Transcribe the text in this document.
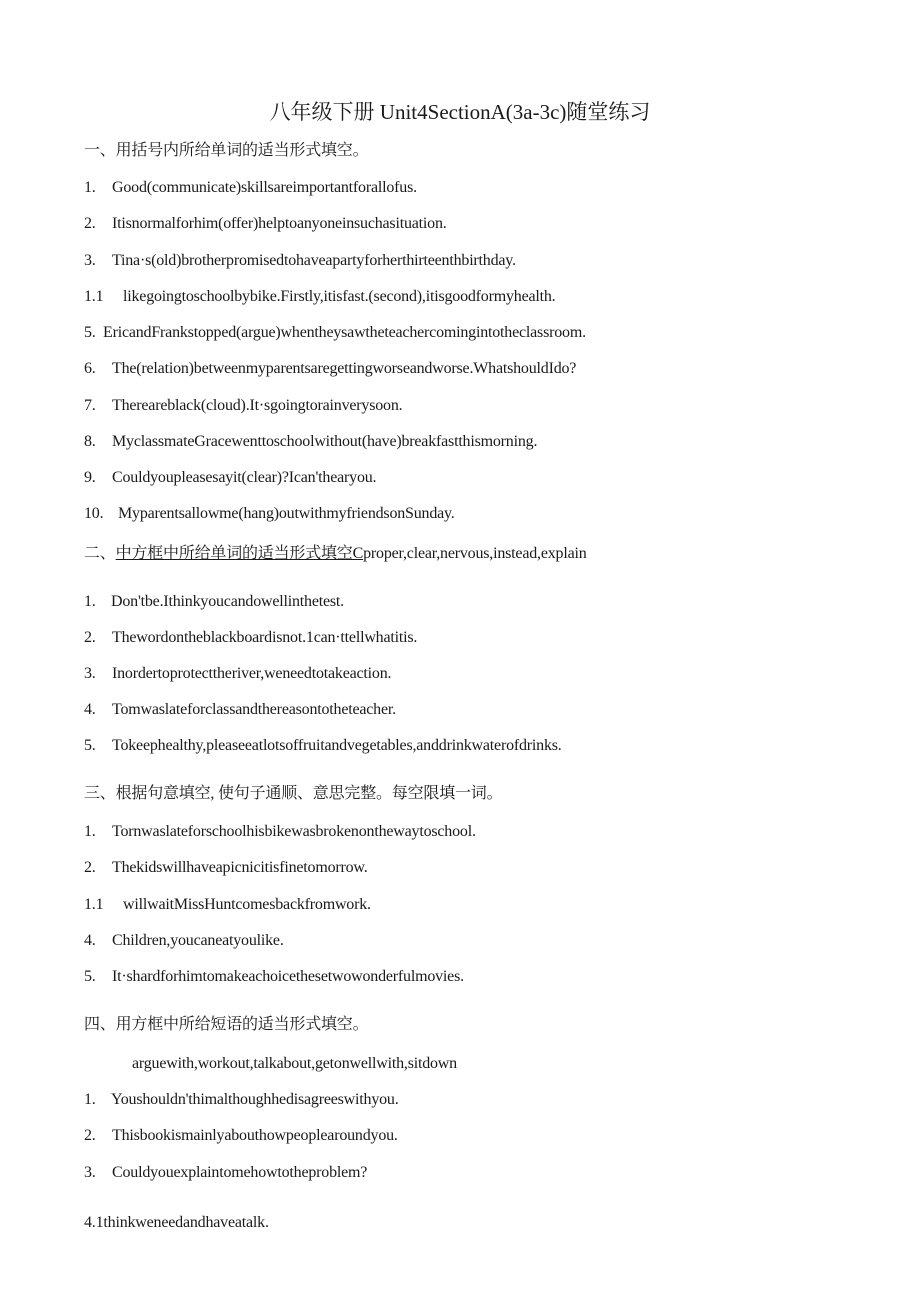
八年级下册 Unit4SectionA(3a-3c)随堂练习
一、用括号内所给单词的适当形式填空。
1. Good(communicate)skillsareimportantforallofus.
2. Itisnormalforhim(offer)helptoanyoneinsuchasituation.
3. Tina·s(old)brotherpromisedtohaveapartyforherthirteenthbirthday.
1.1 likegoingtoschoolbybike.Firstly,itisfast.(second),itisgoodformyhealth.
5. EricandFrankstopped(argue)whentheysawtheteachercomingintotheclassroom.
6. The(relation)betweenmyparentsaregettingworseandworse.WhatshouldIdo?
7. Thereareblack(cloud).It·sgoingtorainverysoon.
8. MyclassmateGracewenttoschoolwithout(have)breakfastthismorning.
9. Couldyoupleasesayit(clear)?Ican'thearyou.
10. Myparentsallowme(hang)outwithmyfriendsonSunday.
二、中方框中所给单词的适当形式填空Cproper,clear,nervous,instead,explain
1. Don'tbe.Ithinkyoucandowellinthetest.
2. Thewordontheblackboardisnot.1can·ttellwhatitis.
3. Inordertoprotecttheriver,weneedtotakeaction.
4. Tomwaslateforclassandthereasontotheteacher.
5. Tokeephealthy,pleaseeatlotsoffruitandvegetables,anddrinkwaterofdrinks.
三、根据句意填空, 使句子通顺、意思完整。每空限填一词。
1. Tornwaslateforschoolhisbikewasbrokenonthewaytoschool.
2. Thekidswillhaveapicnicitisfinetomorrow.
1.1 willwaitMissHuntcomesbackfromwork.
4. Children,youcaneatyoulike.
5. It·shardforhimtomakeachoicethesetwowonderfulmovies.
四、用方框中所给短语的适当形式填空。
arguewith,workout,talkabout,getonwellwith,sitdown
1. Youshouldn'thimalthoughhedisagreeswithyou.
2. Thisbookismainlyabouthowpeoplearoundyou.
3. Couldyouexplaintomehowtotheproblem?
4.1thinkweneedandhaveatalk.
